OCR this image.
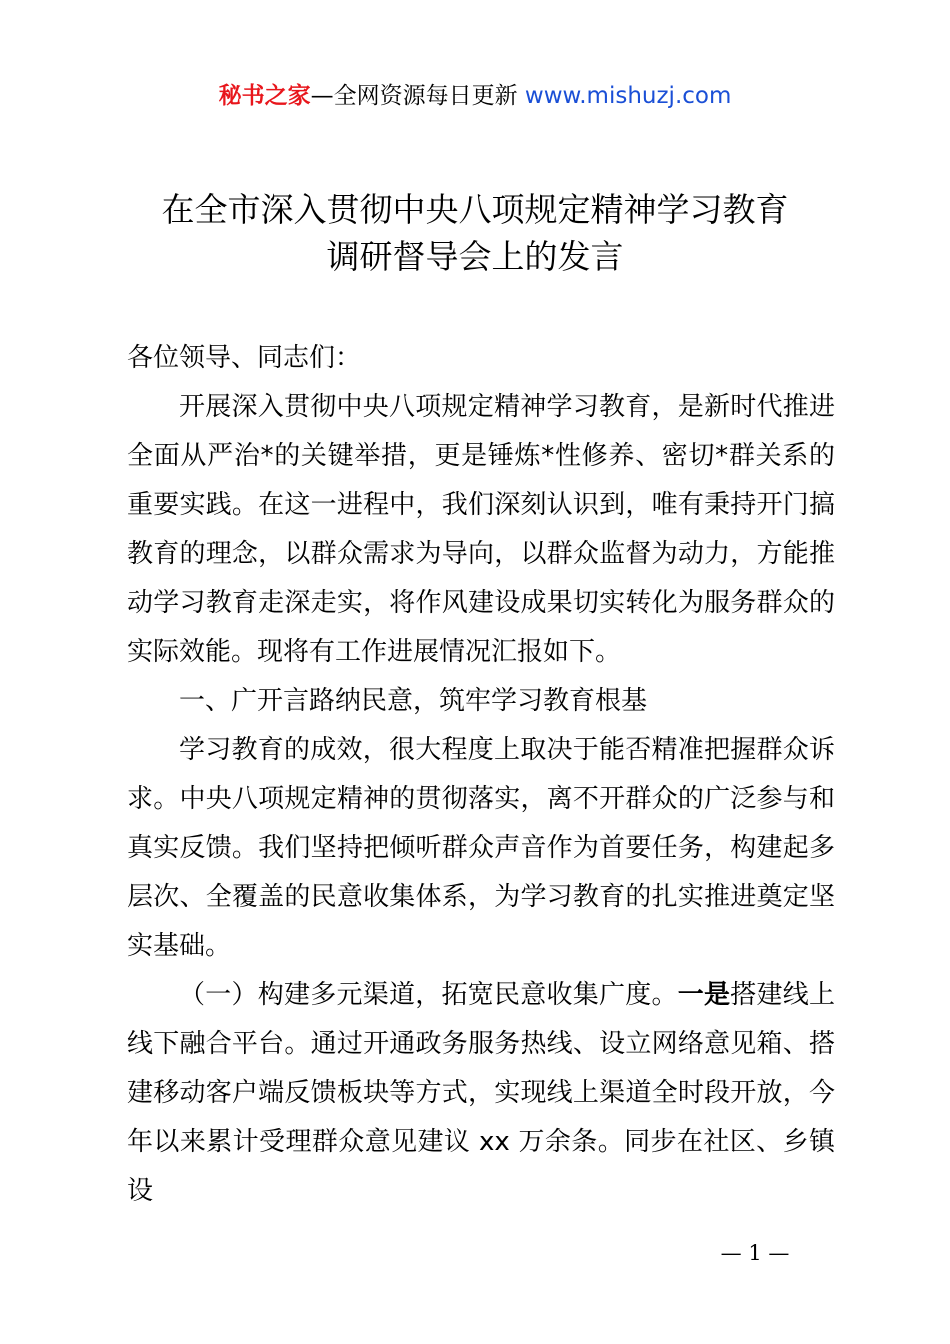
秘书之家—全网资源每日更新 www.mishuzj.com
在全市深入贯彻中央八项规定精神学习教育
调研督导会上的发言

各位领导、同志们：

开展深入贯彻中央八项规定精神学习教育，是新时代推进全面从严治*的关键举措，更是锤炼*性修养、密切*群关系的重要实践。在这一进程中，我们深刻认识到，唯有秉持开门搞教育的理念，以群众需求为导向，以群众监督为动力，方能推动学习教育走深走实，将作风建设成果切实转化为服务群众的实际效能。现将有工作进展情况汇报如下。

一、广开言路纳民意，筑牢学习教育根基

学习教育的成效，很大程度上取决于能否精准把握群众诉求。中央八项规定精神的贯彻落实，离不开群众的广泛参与和真实反馈。我们坚持把倾听群众声音作为首要任务，构建起多层次、全覆盖的民意收集体系，为学习教育的扎实推进奠定坚实基础。

（一）构建多元渠道，拓宽民意收集广度。一是搭建线上线下融合平台。通过开通政务服务热线、设立网络意见箱、搭建移动客户端反馈板块等方式，实现线上渠道全时段开放，今年以来累计受理群众意见建议 xx 万余条。同步在社区、乡镇设

— 1 —
